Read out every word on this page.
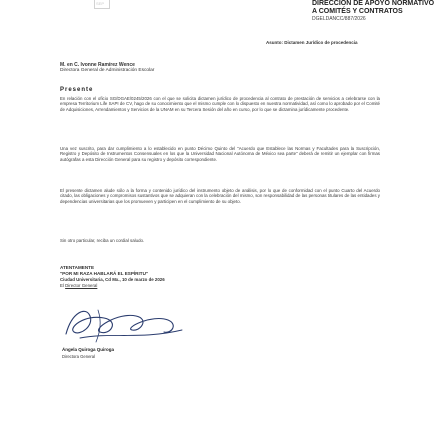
SEP	DIRECCIÓN DE APOYO NORMATIVO

A COMITÉS Y CONTRATOS

DGELDANCC/887/2026

Asunto: Dictamen Jurídico de procedencia
M. en C. Ivonne Ramírez Wence
Directora General de Administración Escolar
Presente
En relación con el oficio SG/DGAE/0245/2026 con el que se solicita dictamen jurídico de procedencia al contrato de prestación de servicios a celebrarse con la empresa Territorium Life SAPI de CV, hago de su conocimiento que el mismo cumple con lo dispuesto en nuestra normatividad, así como lo aprobado por el Comité de Adquisiciones, Arrendamientos y Servicios de la UNAM en su Tercera Sesión del año en curso, por lo que se dictamina jurídicamente procedente.
Una vez suscrito, para dar cumplimiento a lo establecido en punto Décimo Quinto del "Acuerdo que Establece las Normas y Facultades para la Suscripción, Registro y Depósito de Instrumentos Consensuales en los que la Universidad Nacional Autónoma de México sea parte" deberá de remitir un ejemplar con firmas autógrafas a esta Dirección General para su registro y depósito correspondiente.
El presente dictamen alude sólo a la forma y contenido jurídico del instrumento objeto de análisis, por lo que de conformidad con el punto Cuarto del Acuerdo citado, las obligaciones y compromisos sustantivos que se adquieran con la celebración del mismo, son responsabilidad de las personas titulares de las entidades y dependencias universitarias que los promueven y participen en el cumplimiento de su objeto.
Sin otro particular, reciba un cordial saludo.
ATENTAMENTE
"POR MI RAZA HABLARÁ EL ESPÍRITU"
Ciudad Universitaria, Cd Mx., 10 de marzo de 2026
El Director General
Ángela Quiroga Quiroga
Directora General
